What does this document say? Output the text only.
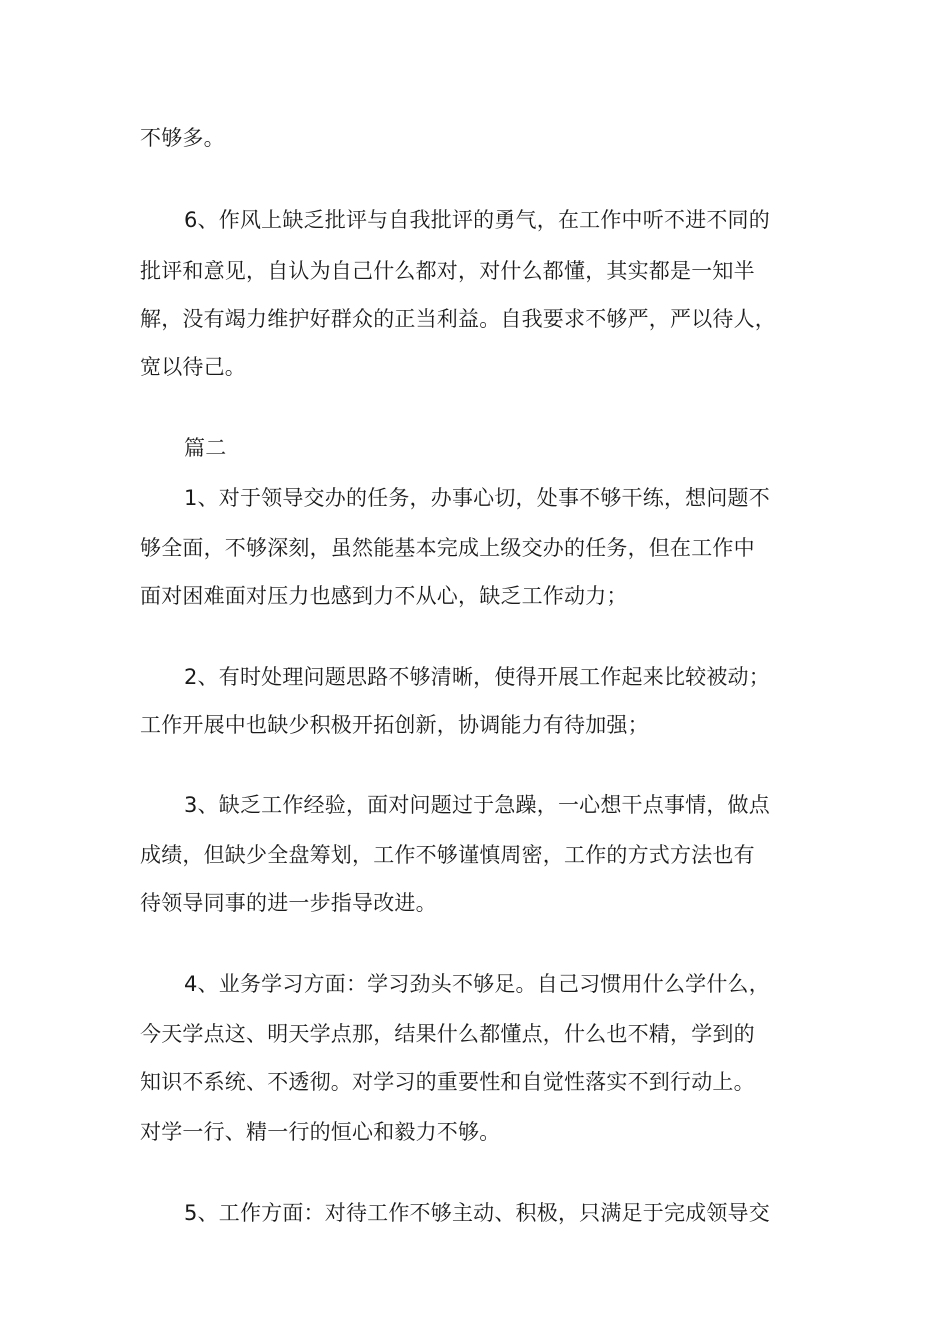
不够多。
6、作风上缺乏批评与自我批评的勇气，在工作中听不进不同的
批评和意见，自认为自己什么都对，对什么都懂，其实都是一知半
解，没有竭力维护好群众的正当利益。自我要求不够严，严以待人，
宽以待己。
篇二
1、对于领导交办的任务，办事心切，处事不够干练，想问题不
够全面，不够深刻，虽然能基本完成上级交办的任务，但在工作中
面对困难面对压力也感到力不从心，缺乏工作动力；
2、有时处理问题思路不够清晰，使得开展工作起来比较被动；
工作开展中也缺少积极开拓创新，协调能力有待加强；
3、缺乏工作经验，面对问题过于急躁，一心想干点事情，做点
成绩，但缺少全盘筹划，工作不够谨慎周密，工作的方式方法也有
待领导同事的进一步指导改进。
4、业务学习方面：学习劲头不够足。自己习惯用什么学什么，
今天学点这、明天学点那，结果什么都懂点，什么也不精，学到的
知识不系统、不透彻。对学习的重要性和自觉性落实不到行动上。
对学一行、精一行的恒心和毅力不够。
5、工作方面：对待工作不够主动、积极，只满足于完成领导交
